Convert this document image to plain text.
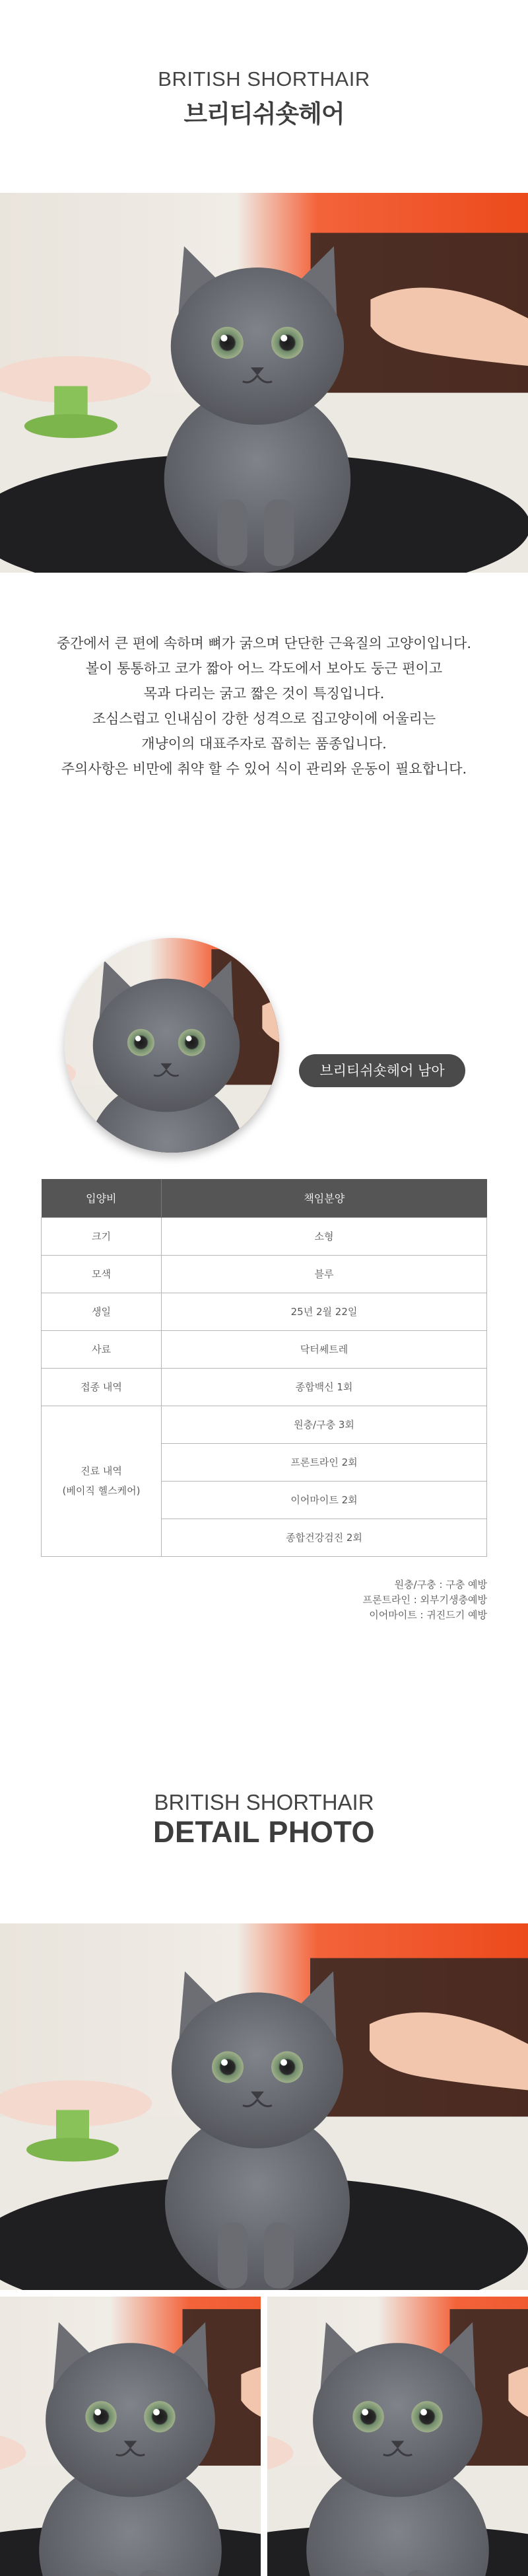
BRITISH SHORTHAIR
브리티쉬숏헤어
중간에서 큰 편에 속하며 뼈가 굵으며 단단한 근육질의 고양이입니다.
볼이 통통하고 코가 짧아 어느 각도에서 보아도 둥근 편이고
목과 다리는 굵고 짧은 것이 특징입니다.
조심스럽고 인내심이 강한 성격으로 집고양이에 어울리는
개냥이의 대표주자로 꼽히는 품종입니다.
주의사항은 비만에 취약 할 수 있어 식이 관리와 운동이 필요합니다.
브리티쉬숏헤어 남아
입양비	책임분양
크기	소형
모색	블루
생일	25년 2월 22일
사료	닥터쎄트레
접종 내역	종합백신 1회

진료 내역
(베이직 헬스케어)	원충/구충 3회
	프론트라인 2회
	이어마이트 2회
	종합건강검진 2회
원충/구충 : 구충 예방
프론트라인 : 외부기생충예방
이어마이트 : 귀진드기 예방
BRITISH SHORTHAIR
DETAIL PHOTO
